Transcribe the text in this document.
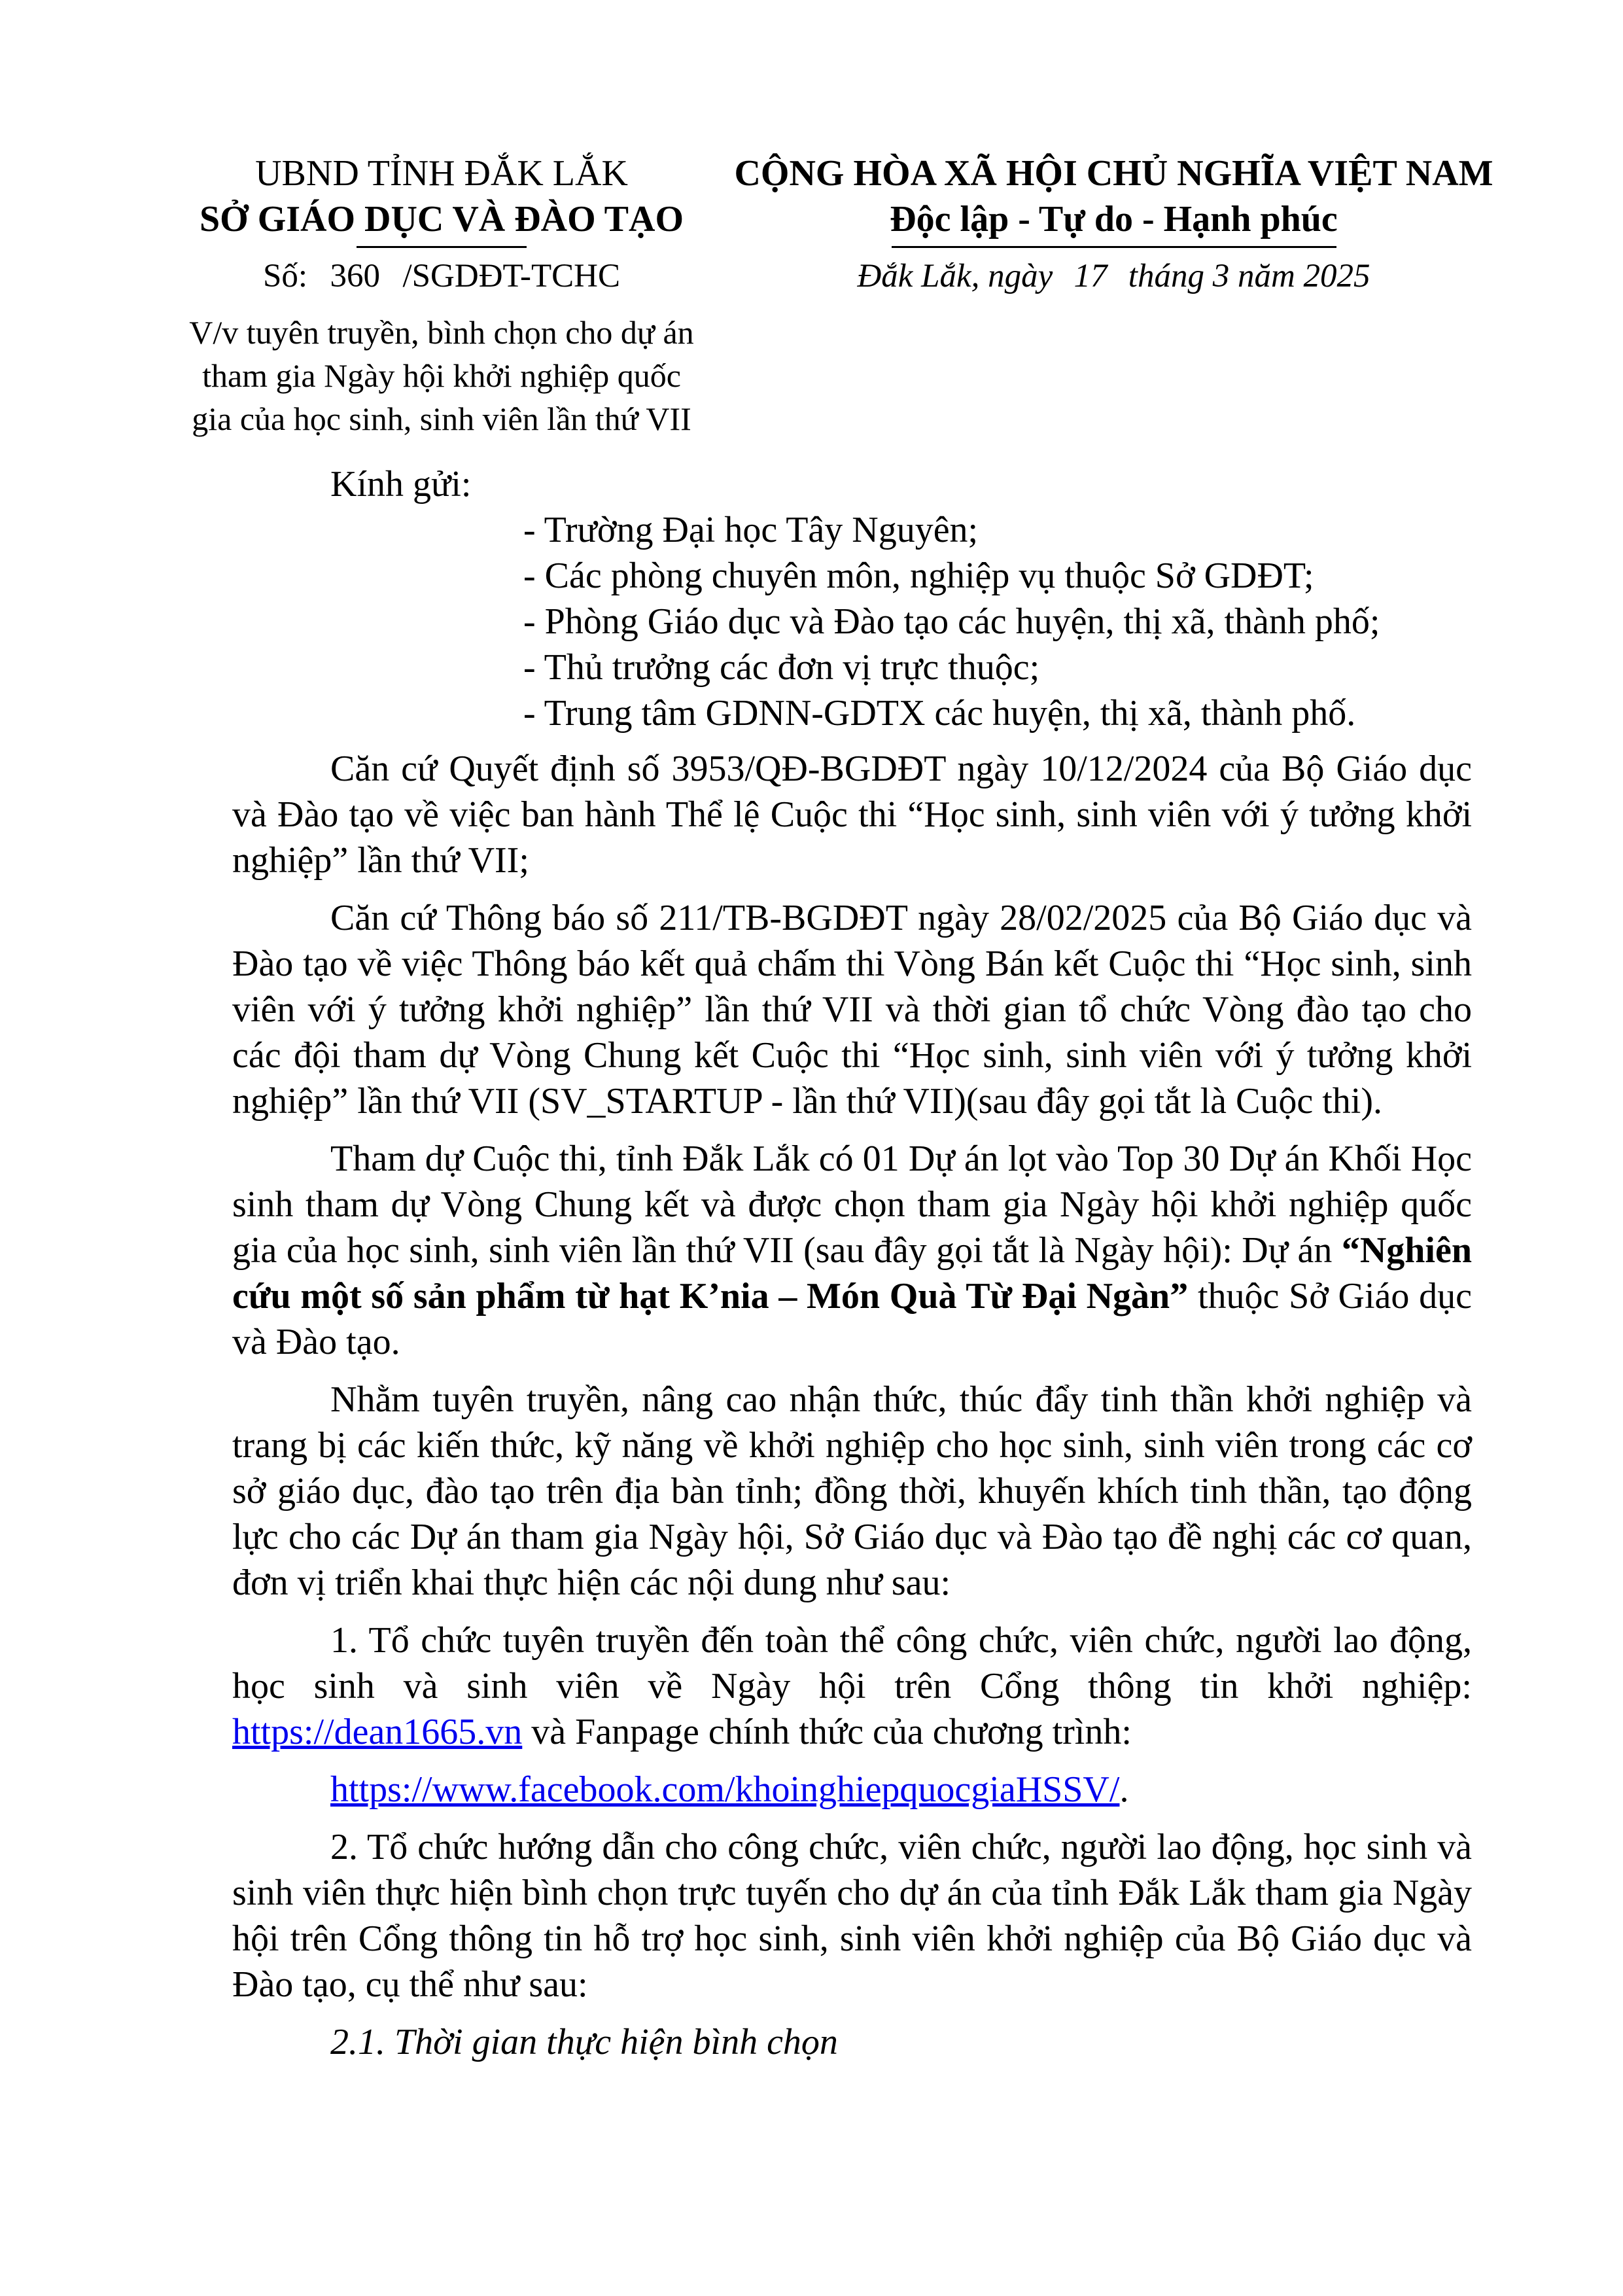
UBND TỈNH ĐẮK LẮK
SỞ GIÁO DỤC VÀ ĐÀO TẠO
Số: 360 /SGDĐT-TCHC
V/v tuyên truyền, bình chọn cho dự án
tham gia Ngày hội khởi nghiệp quốc
gia của học sinh, sinh viên lần thứ VII
CỘNG HÒA XÃ HỘI CHỦ NGHĨA VIỆT NAM
Độc lập - Tự do - Hạnh phúc
Đắk Lắk, ngày 17 tháng 3 năm 2025
Kính gửi:
- Trường Đại học Tây Nguyên;
- Các phòng chuyên môn, nghiệp vụ thuộc Sở GDĐT;
- Phòng Giáo dục và Đào tạo các huyện, thị xã, thành phố;
- Thủ trưởng các đơn vị trực thuộc;
- Trung tâm GDNN-GDTX các huyện, thị xã, thành phố.

Căn cứ Quyết định số 3953/QĐ-BGDĐT ngày 10/12/2024 của Bộ Giáo dục và Đào tạo về việc ban hành Thể lệ Cuộc thi “Học sinh, sinh viên với ý tưởng khởi nghiệp” lần thứ VII;

Căn cứ Thông báo số 211/TB-BGDĐT ngày 28/02/2025 của Bộ Giáo dục và Đào tạo về việc Thông báo kết quả chấm thi Vòng Bán kết Cuộc thi “Học sinh, sinh viên với ý tưởng khởi nghiệp” lần thứ VII và thời gian tổ chức Vòng đào tạo cho các đội tham dự Vòng Chung kết Cuộc thi “Học sinh, sinh viên với ý tưởng khởi nghiệp” lần thứ VII (SV_STARTUP - lần thứ VII)(sau đây gọi tắt là Cuộc thi).

Tham dự Cuộc thi, tỉnh Đắk Lắk có 01 Dự án lọt vào Top 30 Dự án Khối Học sinh tham dự Vòng Chung kết và được chọn tham gia Ngày hội khởi nghiệp quốc gia của học sinh, sinh viên lần thứ VII (sau đây gọi tắt là Ngày hội): Dự án “Nghiên cứu một số sản phẩm từ hạt K’nia – Món Quà Từ Đại Ngàn” thuộc Sở Giáo dục và Đào tạo.

Nhằm tuyên truyền, nâng cao nhận thức, thúc đẩy tinh thần khởi nghiệp và trang bị các kiến thức, kỹ năng về khởi nghiệp cho học sinh, sinh viên trong các cơ sở giáo dục, đào tạo trên địa bàn tỉnh; đồng thời, khuyến khích tinh thần, tạo động lực cho các Dự án tham gia Ngày hội, Sở Giáo dục và Đào tạo đề nghị các cơ quan, đơn vị triển khai thực hiện các nội dung như sau:

1. Tổ chức tuyên truyền đến toàn thể công chức, viên chức, người lao động, học sinh và sinh viên về Ngày hội trên Cổng thông tin khởi nghiệp: https://dean1665.vn và Fanpage chính thức của chương trình:

https://www.facebook.com/khoinghiepquocgiaHSSV/.

2. Tổ chức hướng dẫn cho công chức, viên chức, người lao động, học sinh và sinh viên thực hiện bình chọn trực tuyến cho dự án của tỉnh Đắk Lắk tham gia Ngày hội trên Cổng thông tin hỗ trợ học sinh, sinh viên khởi nghiệp của Bộ Giáo dục và Đào tạo, cụ thể như sau:

2.1. Thời gian thực hiện bình chọn
